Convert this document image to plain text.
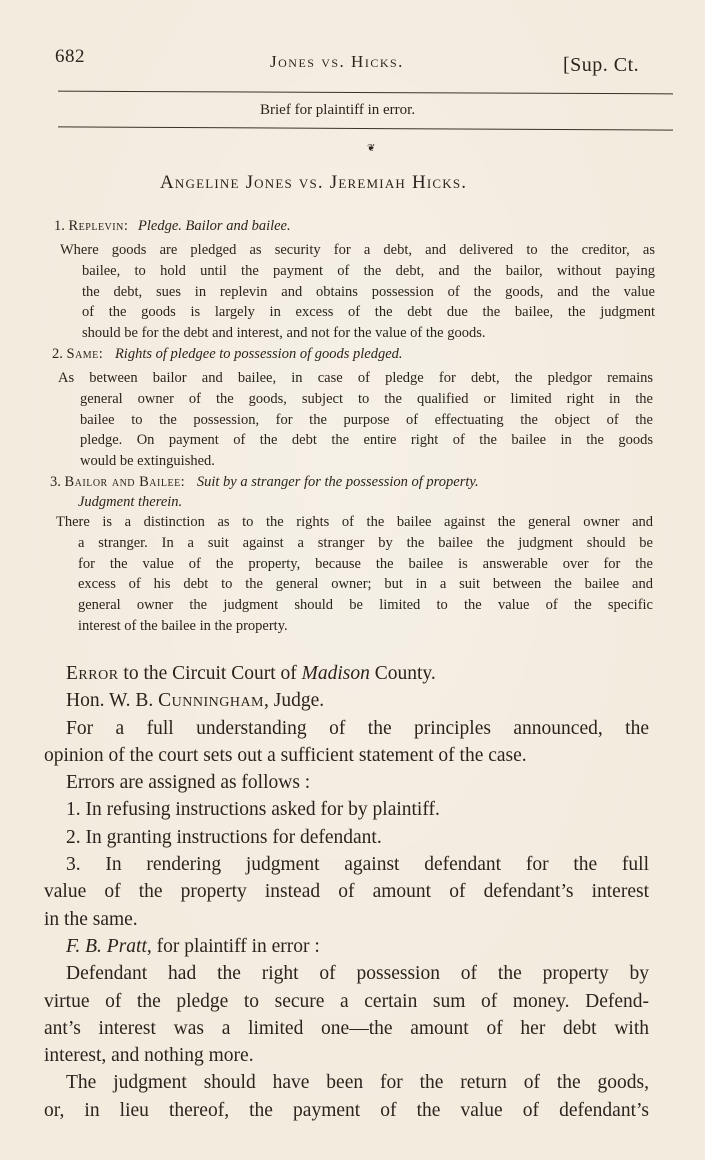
682	Jones vs. Hicks.	[Sup. Ct.
Brief for plaintiff in error.
❦
Angeline Jones vs. Jeremiah Hicks.
1. Replevin: Pledge. Bailor and bailee.
Where goods are pledged as security for a debt, and delivered to the creditor, as
bailee, to hold until the payment of the debt, and the bailor, without paying
the debt, sues in replevin and obtains possession of the goods, and the value
of the goods is largely in excess of the debt due the bailee, the judgment
should be for the debt and interest, and not for the value of the goods.
2. Same: Rights of pledgee to possession of goods pledged.
As between bailor and bailee, in case of pledge for debt, the pledgor remains
general owner of the goods, subject to the qualified or limited right in the
bailee to the possession, for the purpose of effectuating the object of the
pledge. On payment of the debt the entire right of the bailee in the goods
would be extinguished.
3. Bailor and Bailee: Suit by a stranger for the possession of property.
Judgment therein.
There is a distinction as to the rights of the bailee against the general owner and
a stranger. In a suit against a stranger by the bailee the judgment should be
for the value of the property, because the bailee is answerable over for the
excess of his debt to the general owner; but in a suit between the bailee and
general owner the judgment should be limited to the value of the specific
interest of the bailee in the property.
Error to the Circuit Court of Madison County.
Hon. W. B. Cunningham, Judge.
For a full understanding of the principles announced, the
opinion of the court sets out a sufficient statement of the case.
Errors are assigned as follows :
1. In refusing instructions asked for by plaintiff.
2. In granting instructions for defendant.
3. In rendering judgment against defendant for the full
value of the property instead of amount of defendant’s interest
in the same.
F. B. Pratt, for plaintiff in error :
Defendant had the right of possession of the property by
virtue of the pledge to secure a certain sum of money. Defend-
ant’s interest was a limited one—the amount of her debt with
interest, and nothing more.
The judgment should have been for the return of the goods,
or, in lieu thereof, the payment of the value of defendant’s
